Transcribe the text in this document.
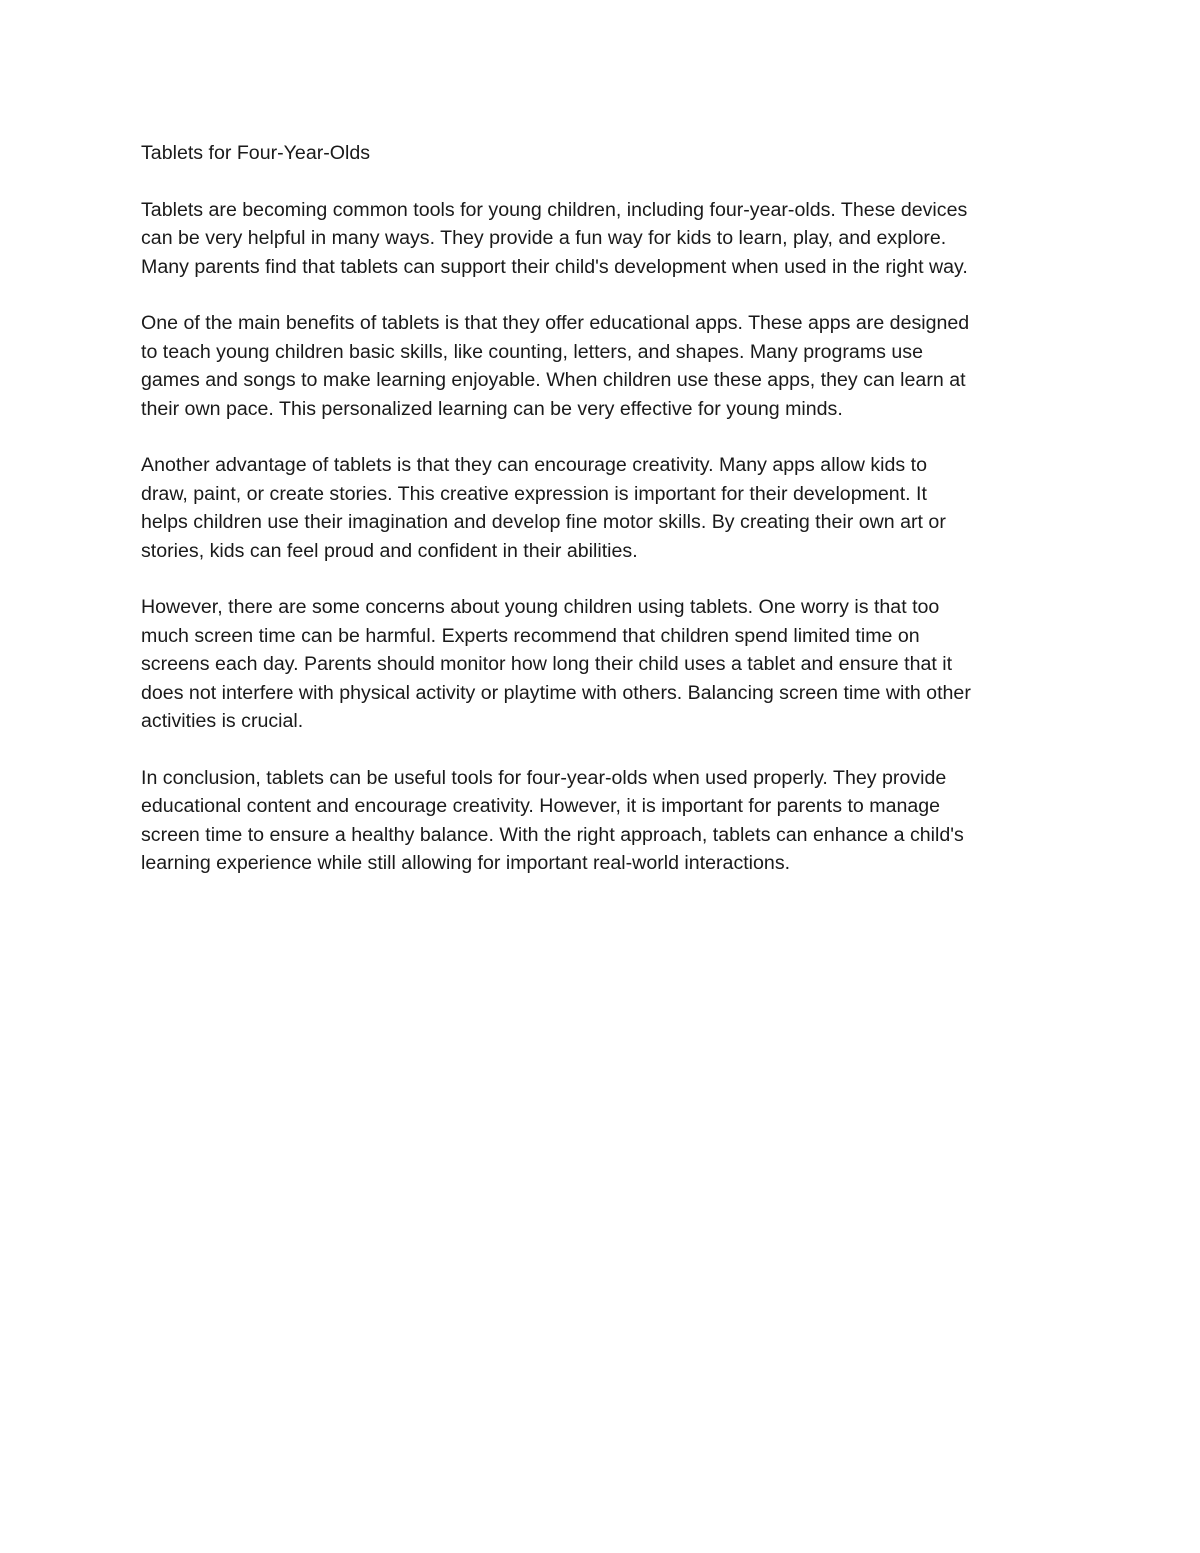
Tablets for Four-Year-Olds

Tablets are becoming common tools for young children, including four-year-olds. These devices
can be very helpful in many ways. They provide a fun way for kids to learn, play, and explore.
Many parents find that tablets can support their child's development when used in the right way.

One of the main benefits of tablets is that they offer educational apps. These apps are designed
to teach young children basic skills, like counting, letters, and shapes. Many programs use
games and songs to make learning enjoyable. When children use these apps, they can learn at
their own pace. This personalized learning can be very effective for young minds.

Another advantage of tablets is that they can encourage creativity. Many apps allow kids to
draw, paint, or create stories. This creative expression is important for their development. It
helps children use their imagination and develop fine motor skills. By creating their own art or
stories, kids can feel proud and confident in their abilities.

However, there are some concerns about young children using tablets. One worry is that too
much screen time can be harmful. Experts recommend that children spend limited time on
screens each day. Parents should monitor how long their child uses a tablet and ensure that it
does not interfere with physical activity or playtime with others. Balancing screen time with other
activities is crucial.

In conclusion, tablets can be useful tools for four-year-olds when used properly. They provide
educational content and encourage creativity. However, it is important for parents to manage
screen time to ensure a healthy balance. With the right approach, tablets can enhance a child's
learning experience while still allowing for important real-world interactions.
